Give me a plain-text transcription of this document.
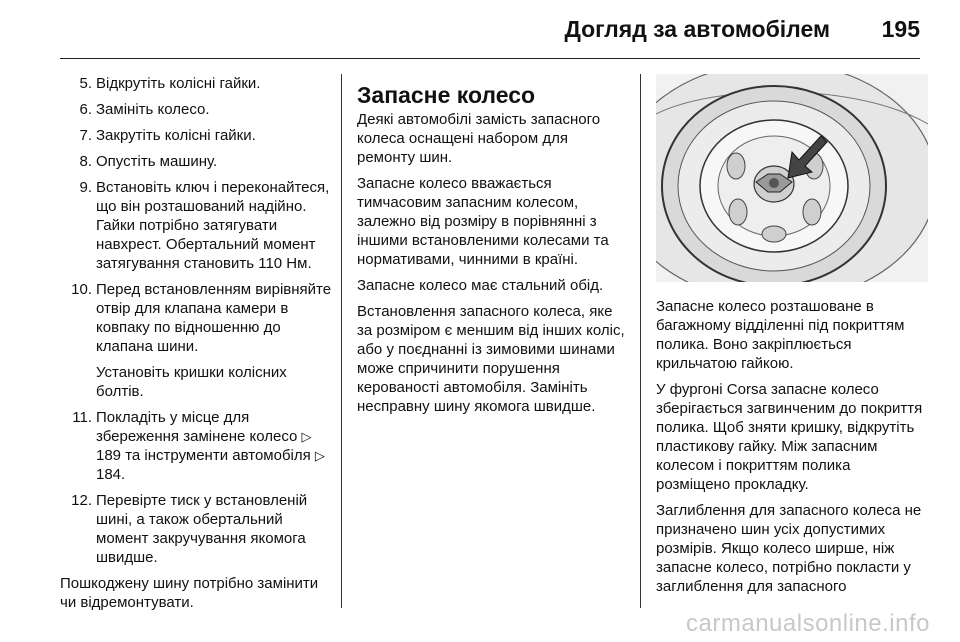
Догляд за автомобілем 195
5. Відкрутіть колісні гайки.
6. Замініть колесо.
7. Закрутіть колісні гайки.
8. Опустіть машину.
9. Встановіть ключ і переконайтеся, що він розташований надійно. Гайки потрібно затягувати навхрест. Обертальний момент затягування становить 110 Нм.
10. Перед встановленням вирівняйте отвір для клапана камери в ковпаку по відношенню до клапана шини.
Установіть кришки колісних болтів.
11. Покладіть у місце для збереження замінене колесо ▷ 189 та інструменти автомобіля ▷ 184.
12. Перевірте тиск у встановленій шині, а також обертальний момент закручування якомога швидше.

Пошкоджену шину потрібно замінити чи відремонтувати.

Запасне колесо

Деякі автомобілі замість запасного колеса оснащені набором для ремонту шин.

Запасне колесо вважається тимчасовим запасним колесом, залежно від розміру в порівнянні з іншими встановленими колесами та нормативами, чинними в країні.

Запасне колесо має стальний обід.

Встановлення запасного колеса, яке за розміром є меншим від інших коліс, або у поєднанні із зимовими шинами може спричинити порушення керованості автомобіля. Замініть несправну шину якомога швидше.

Запасне колесо розташоване в багажному відділенні під покриттям полика. Воно закріплюється крильчатою гайкою.

У фургоні Corsa запасне колесо зберігається загвинченим до покриття полика. Щоб зняти кришку, відкрутіть пластикову гайку. Між запасним колесом і покриттям полика розміщено прокладку.

Заглиблення для запасного колеса не призначено шин усіх допустимих розмірів. Якщо колесо ширше, ніж запасне колесо, потрібно покласти у заглиблення для запасного

carmanualsonline.info
